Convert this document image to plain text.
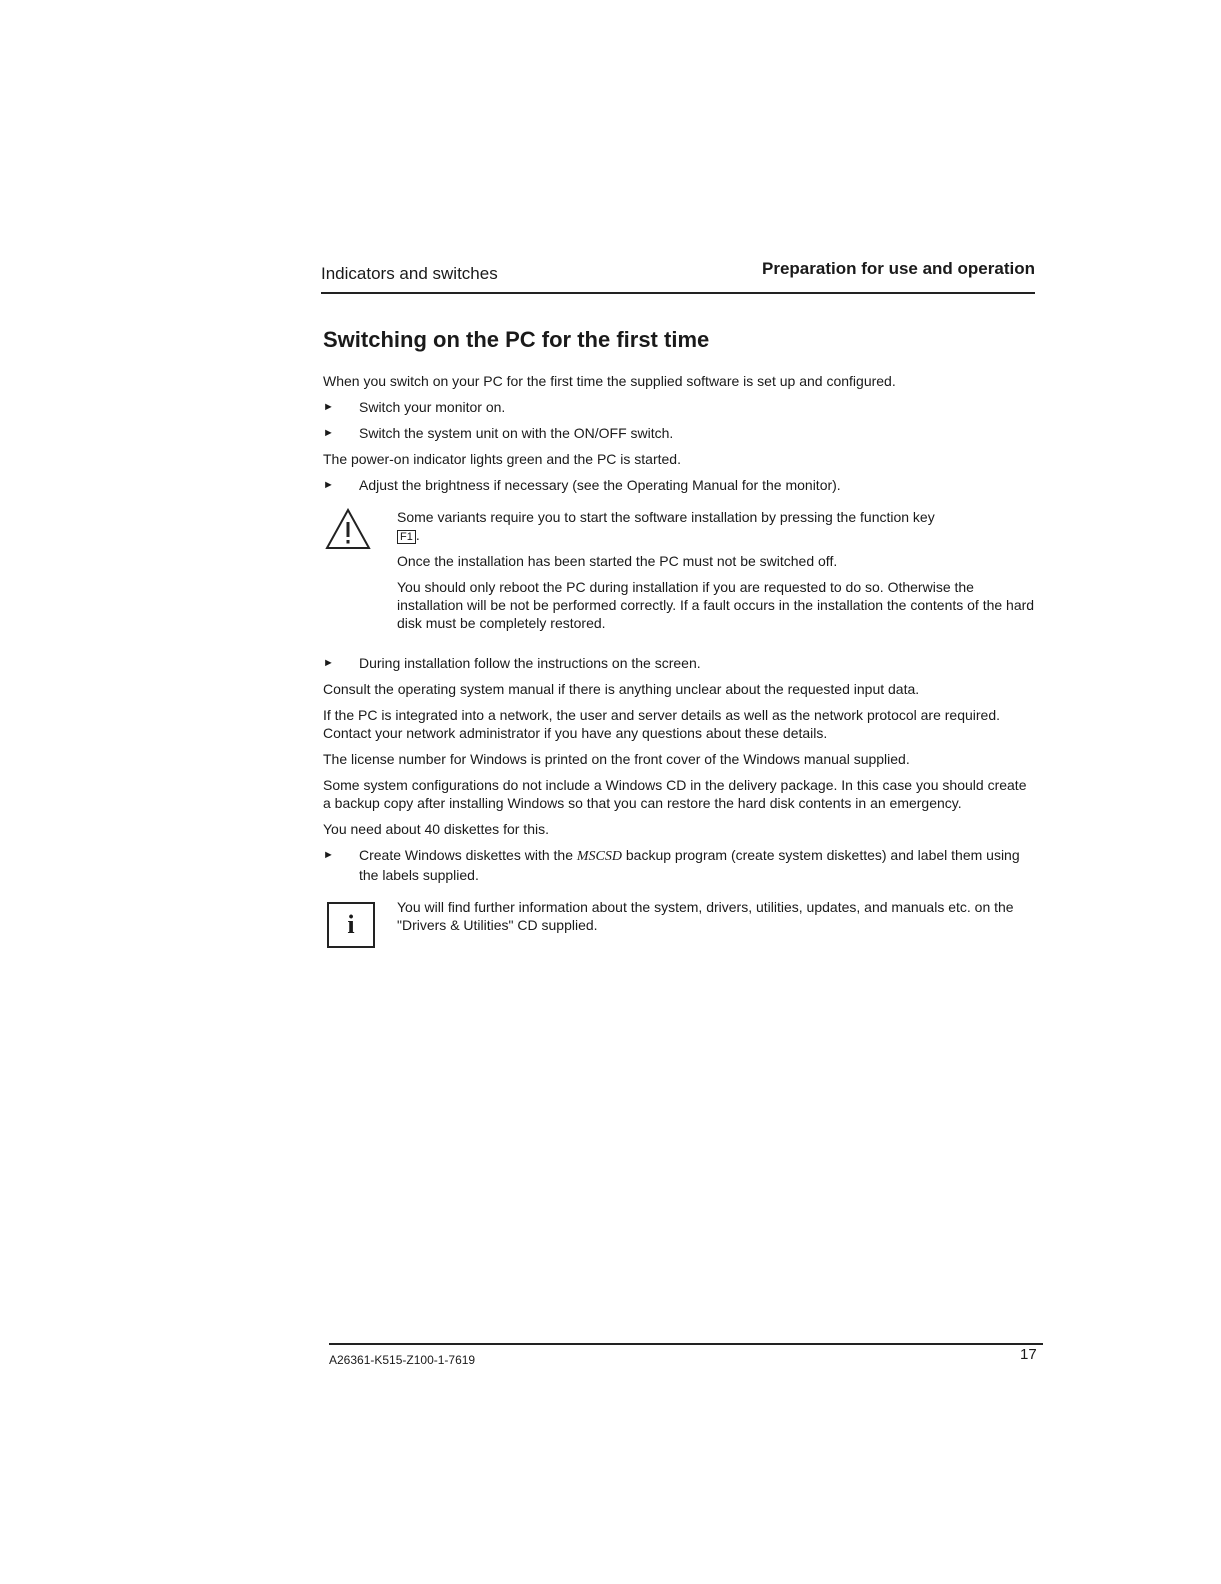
Indicators and switches	Preparation for use and operation
Switching on the PC for the first time

When you switch on your PC for the first time the supplied software is set up and configured.

► Switch your monitor on.
► Switch the system unit on with the ON/OFF switch.

The power-on indicator lights green and the PC is started.

► Adjust the brightness if necessary (see the Operating Manual for the monitor).

Some variants require you to start the software installation by pressing the function key
F1 .

Once the installation has been started the PC must not be switched off.

You should only reboot the PC during installation if you are requested to do so. Otherwise the installation will be not be performed correctly. If a fault occurs in the installation the contents of the hard disk must be completely restored.

► During installation follow the instructions on the screen.

Consult the operating system manual if there is anything unclear about the requested input data.

If the PC is integrated into a network, the user and server details as well as the network protocol are required. Contact your network administrator if you have any questions about these details.

The license number for Windows is printed on the front cover of the Windows manual supplied.

Some system configurations do not include a Windows CD in the delivery package. In this case you should create a backup copy after installing Windows so that you can restore the hard disk contents in an emergency.

You need about 40 diskettes for this.

► Create Windows diskettes with the MSCSD backup program (create system diskettes) and label them using the labels supplied.
i

You will find further information about the system, drivers, utilities, updates, and manuals etc. on the "Drivers & Utilities" CD supplied.

A26361-K515-Z100-1-7619	17
